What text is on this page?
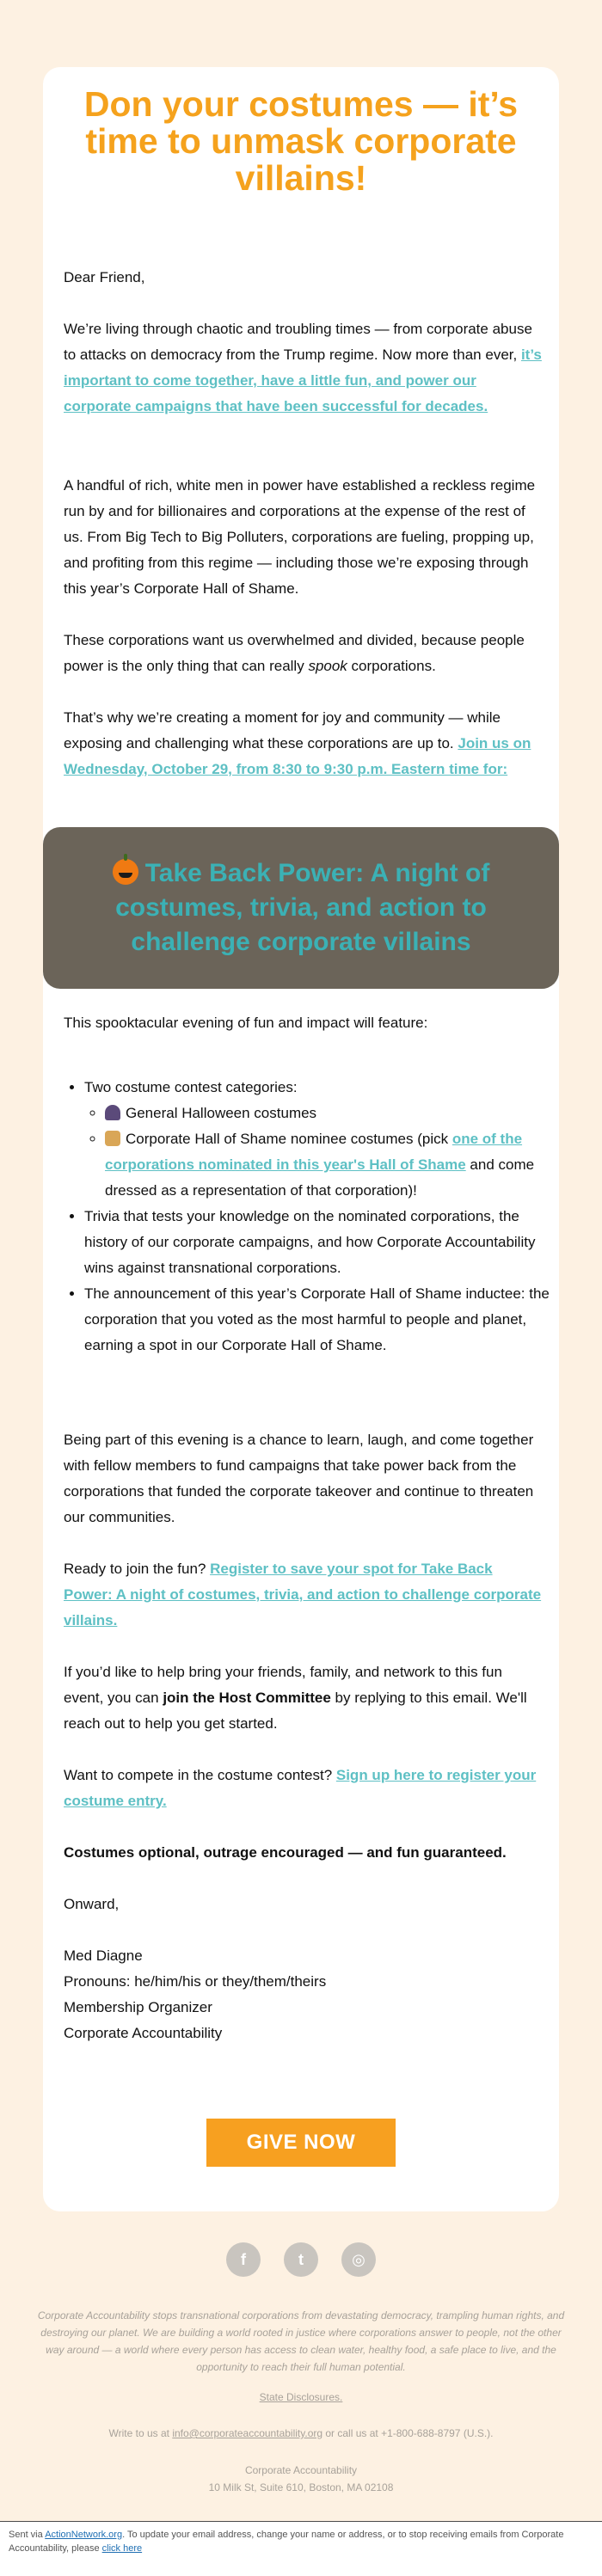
Don your costumes — it’s time to unmask corporate villains!
Dear Friend,
We’re living through chaotic and troubling times — from corporate abuse to attacks on democracy from the Trump regime. Now more than ever, it’s important to come together, have a little fun, and power our corporate campaigns that have been successful for decades.
A handful of rich, white men in power have established a reckless regime run by and for billionaires and corporations at the expense of the rest of us. From Big Tech to Big Polluters, corporations are fueling, propping up, and profiting from this regime — including those we’re exposing through this year’s Corporate Hall of Shame.
These corporations want us overwhelmed and divided, because people power is the only thing that can really spook corporations.
That’s why we’re creating a moment for joy and community — while exposing and challenging what these corporations are up to. Join us on Wednesday, October 29, from 8:30 to 9:30 p.m. Eastern time for:
Take Back Power: A night of costumes, trivia, and action to challenge corporate villains
This spooktacular evening of fun and impact will feature:
• Two costume contest categories:
◦ General Halloween costumes
◦ Corporate Hall of Shame nominee costumes (pick one of the corporations nominated in this year's Hall of Shame and come dressed as a representation of that corporation)!
• Trivia that tests your knowledge on the nominated corporations, the history of our corporate campaigns, and how Corporate Accountability wins against transnational corporations.
• The announcement of this year’s Corporate Hall of Shame inductee: the corporation that you voted as the most harmful to people and planet, earning a spot in our Corporate Hall of Shame.
Being part of this evening is a chance to learn, laugh, and come together with fellow members to fund campaigns that take power back from the corporations that funded the corporate takeover and continue to threaten our communities.
Ready to join the fun? Register to save your spot for Take Back Power: A night of costumes, trivia, and action to challenge corporate villains.
If you’d like to help bring your friends, family, and network to this fun event, you can join the Host Committee by replying to this email. We'll reach out to help you get started.
Want to compete in the costume contest? Sign up here to register your costume entry.
Costumes optional, outrage encouraged — and fun guaranteed.
Onward,
Med Diagne
Pronouns: he/him/his or they/them/theirs
Membership Organizer
Corporate Accountability
GIVE NOW
f	t	◎
Corporate Accountability stops transnational corporations from devastating democracy, trampling human rights, and destroying our planet. We are building a world rooted in justice where corporations answer to people, not the other way around — a world where every person has access to clean water, healthy food, a safe place to live, and the opportunity to reach their full human potential.
State Disclosures.
Write to us at info@corporateaccountability.org or call us at +1-800-688-8797 (U.S.).
Corporate Accountability
10 Milk St, Suite 610, Boston, MA 02108
Sent via ActionNetwork.org. To update your email address, change your name or address, or to stop receiving emails from Corporate Accountability, please click here
